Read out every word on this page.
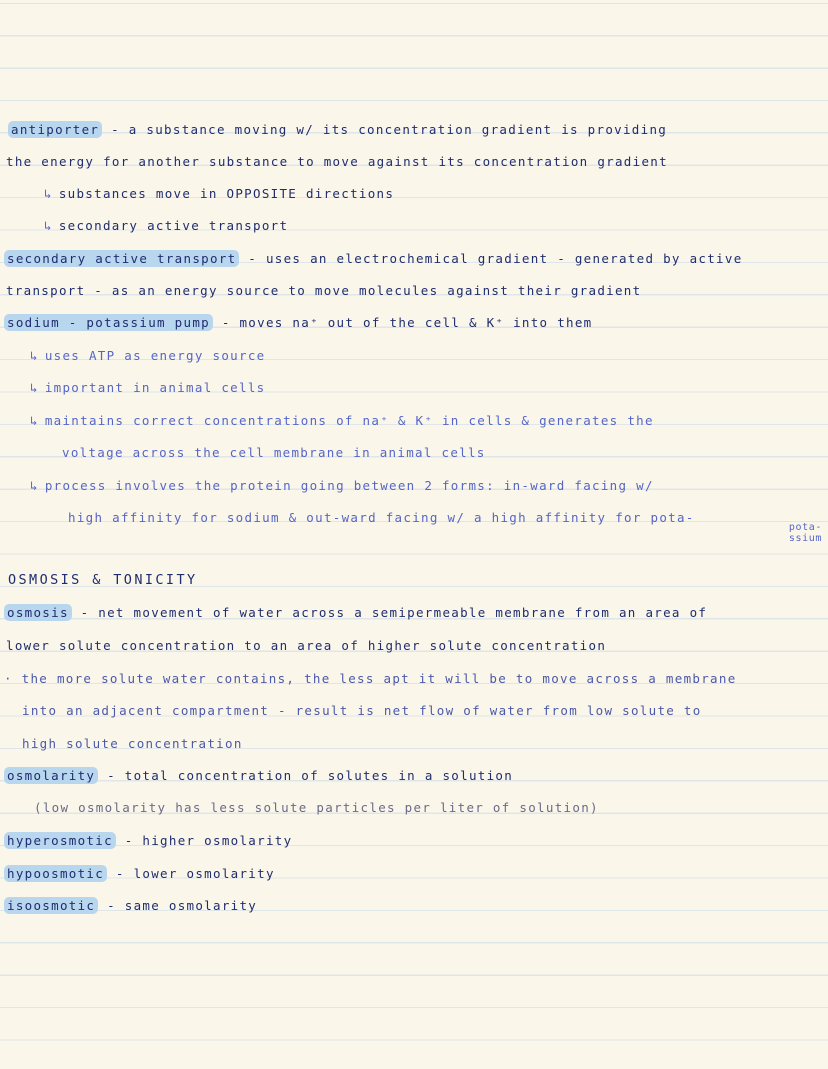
antiporter - a substance moving w/ its concentration gradient is providing
the energy for another substance to move against its concentration gradient
↳ substances move in OPPOSITE directions
↳ secondary active transport
secondary active transport - uses an electrochemical gradient - generated by active
transport - as an energy source to move molecules against their gradient
sodium - potassium pump - moves na⁺ out of the cell & K⁺ into them
↳ uses ATP as energy source
↳ important in animal cells
↳ maintains correct concentrations of na⁺ & K⁺ in cells & generates the
voltage across the cell membrane in animal cells
↳ process involves the protein going between 2 forms: in-ward facing w/
high affinity for sodium & out-ward facing w/ a high affinity for pota-
pota-
ssium
OSMOSIS & TONICITY
osmosis - net movement of water across a semipermeable membrane from an area of
lower solute concentration to an area of higher solute concentration
· the more solute water contains, the less apt it will be to move across a membrane
into an adjacent compartment - result is net flow of water from low solute to
high solute concentration
osmolarity - total concentration of solutes in a solution
(low osmolarity has less solute particles per liter of solution)
hyperosmotic - higher osmolarity
hypoosmotic - lower osmolarity
isoosmotic - same osmolarity
